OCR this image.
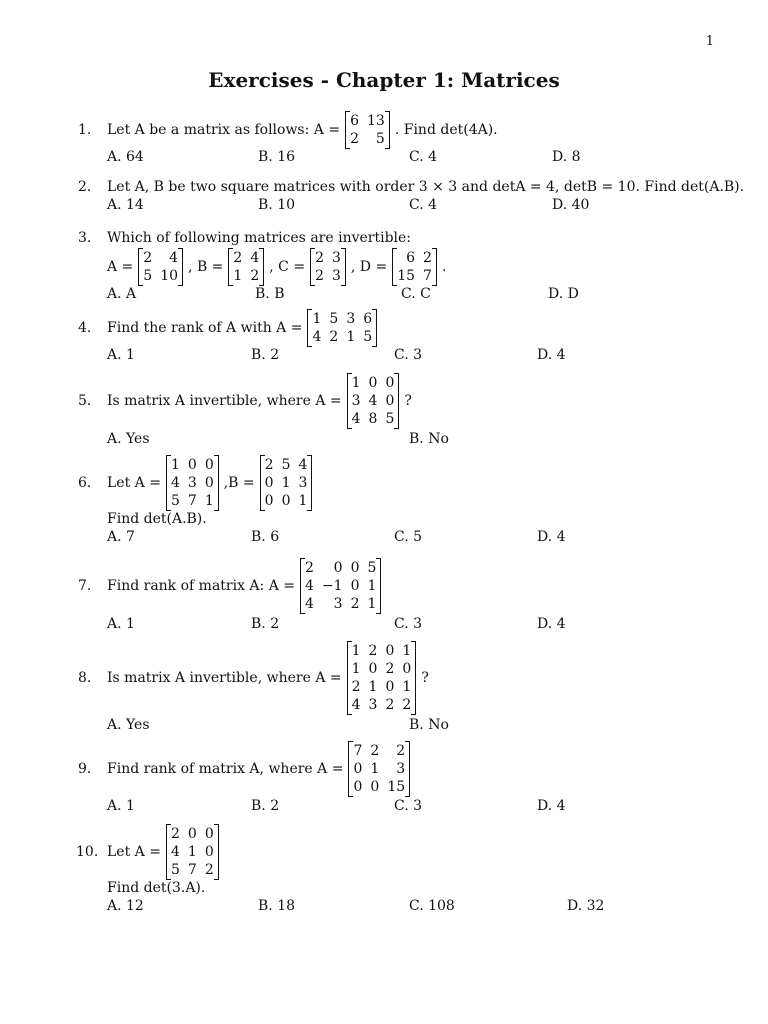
1
Exercises - Chapter 1: Matrices
1.	Let A be a matrix as follows:
A =
6 13
2	5
. Find det(4A).
A. 64	B. 16	C. 4	D. 8
2.	Let A, B be two square matrices with order 3 × 3 and detA = 4, detB = 10. Find det(A.B).
A. 14	B. 10	C. 4	D. 40
3.	Which of following matrices are invertible:
A =
2	4
5 10
, B =
2 4
1 2
, C =
2 3
2 3
, D =
6 2
15 7
.
A. A	B. B	C. C	D. D
4.	Find the rank of A with
A =
1 5 3 6
4 2 1 5
A. 1	B. 2	C. 3	D. 4
5.	Is matrix A invertible, where
A =
1 0 0
3 4 0
4 8 5
?
A. Yes	B. No
6.	Let
A =
1 0 0
4 3 0
5 7 1
,B =
2 5 4
0 1 3
0 0 1
Find det(A.B).
A. 7	B. 6	C. 5	D. 4
7.	Find rank of matrix A:
A =
2	0 0 5
4 −1 0 1
4	3 2 1
A. 1	B. 2	C. 3	D. 4
8.	Is matrix A invertible, where
A =
1 2 0 1
1 0 2 0
2 1 0 1
4 3 2 2
?
A. Yes	B. No
9.	Find rank of matrix A, where
A =
7 2	2
0 1	3
0 0 15
A. 1	B. 2	C. 3	D. 4
10. Let
A =
2 0 0
4 1 0
5 7 2
Find det(3.A).
A. 12	B. 18	C. 108	D. 32
